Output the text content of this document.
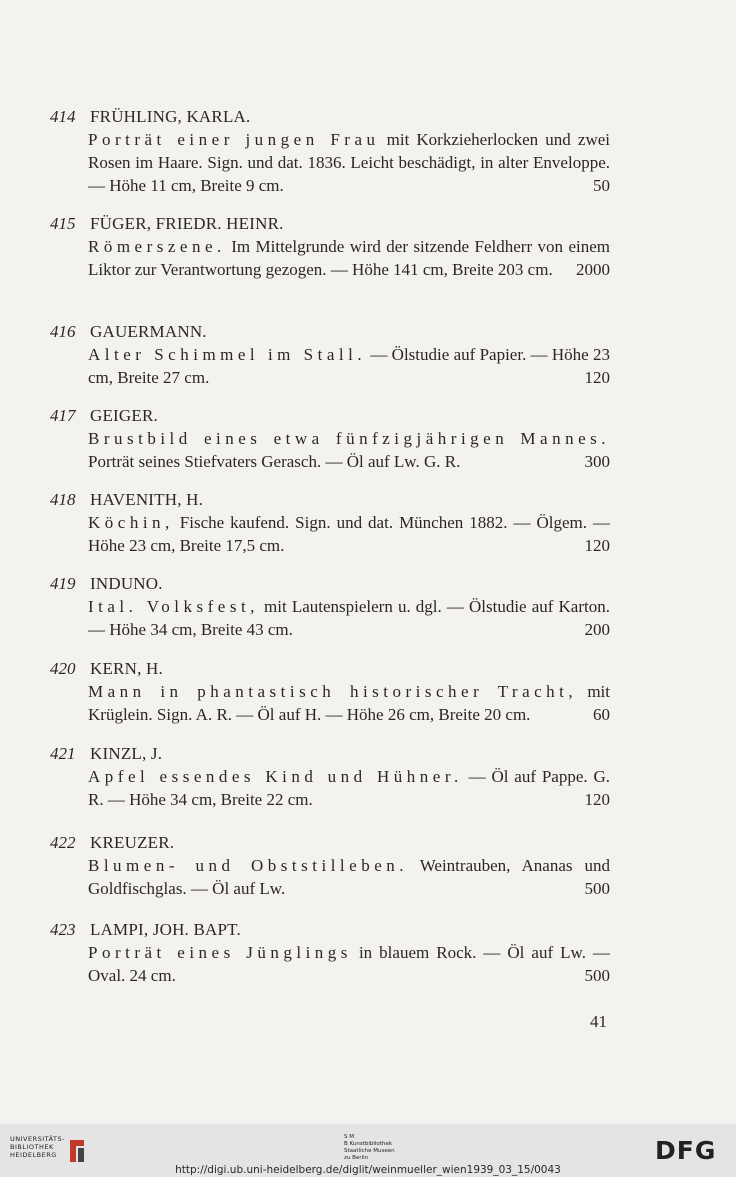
414 FRÜHLING, KARLA.
Porträt einer jungen Frau mit Korkzieherlocken und zwei Rosen im Haare. Sign. und dat. 1836. Leicht beschädigt, in alter Enveloppe. — Höhe 11 cm, Breite 9 cm.	50
415 FÜGER, FRIEDR. HEINR.
Römerszene. Im Mittelgrunde wird der sitzende Feldherr von einem Liktor zur Verantwortung gezogen. — Höhe 141 cm, Breite 203 cm. 2000
416 GAUERMANN.
Alter Schimmel im Stall. — Ölstudie auf Papier. — Höhe 23 cm, Breite 27 cm.	120
417 GEIGER.
Brustbild eines etwa fünfzigjährigen Mannes. Porträt seines Stiefvaters Gerasch. — Öl auf Lw. G. R.	300
418 HAVENITH, H.
Köchin, Fische kaufend. Sign. und dat. München 1882. — Ölgem. — Höhe 23 cm, Breite 17,5 cm.	120
419 INDUNO.
Ital. Volksfest, mit Lautenspielern u. dgl. — Ölstudie auf Karton. — Höhe 34 cm, Breite 43 cm.	200
420 KERN, H.
Mann in phantastisch historischer Tracht, mit Krüglein. Sign. A. R. — Öl auf H. — Höhe 26 cm, Breite 20 cm.	60
421 KINZL, J.
Apfel essendes Kind und Hühner. — Öl auf Pappe. G. R. — Höhe 34 cm, Breite 22 cm.	120
422 KREUZER.
Blumen- und Obststilleben. Weintrauben, Ananas und Goldfischglas. — Öl auf Lw.	500
423 LAMPI, JOH. BAPT.
Porträt eines Jünglings in blauem Rock. — Öl auf Lw. — Oval. 24 cm.	500
41
UNIVERSITÄTS-
BIBLIOTHEK
HEIDELBERG
S M
B Kunstbibliothek
Staatliche Museen
zu Berlin	DFG
http://digi.ub.uni-heidelberg.de/diglit/weinmueller_wien1939_03_15/0043
